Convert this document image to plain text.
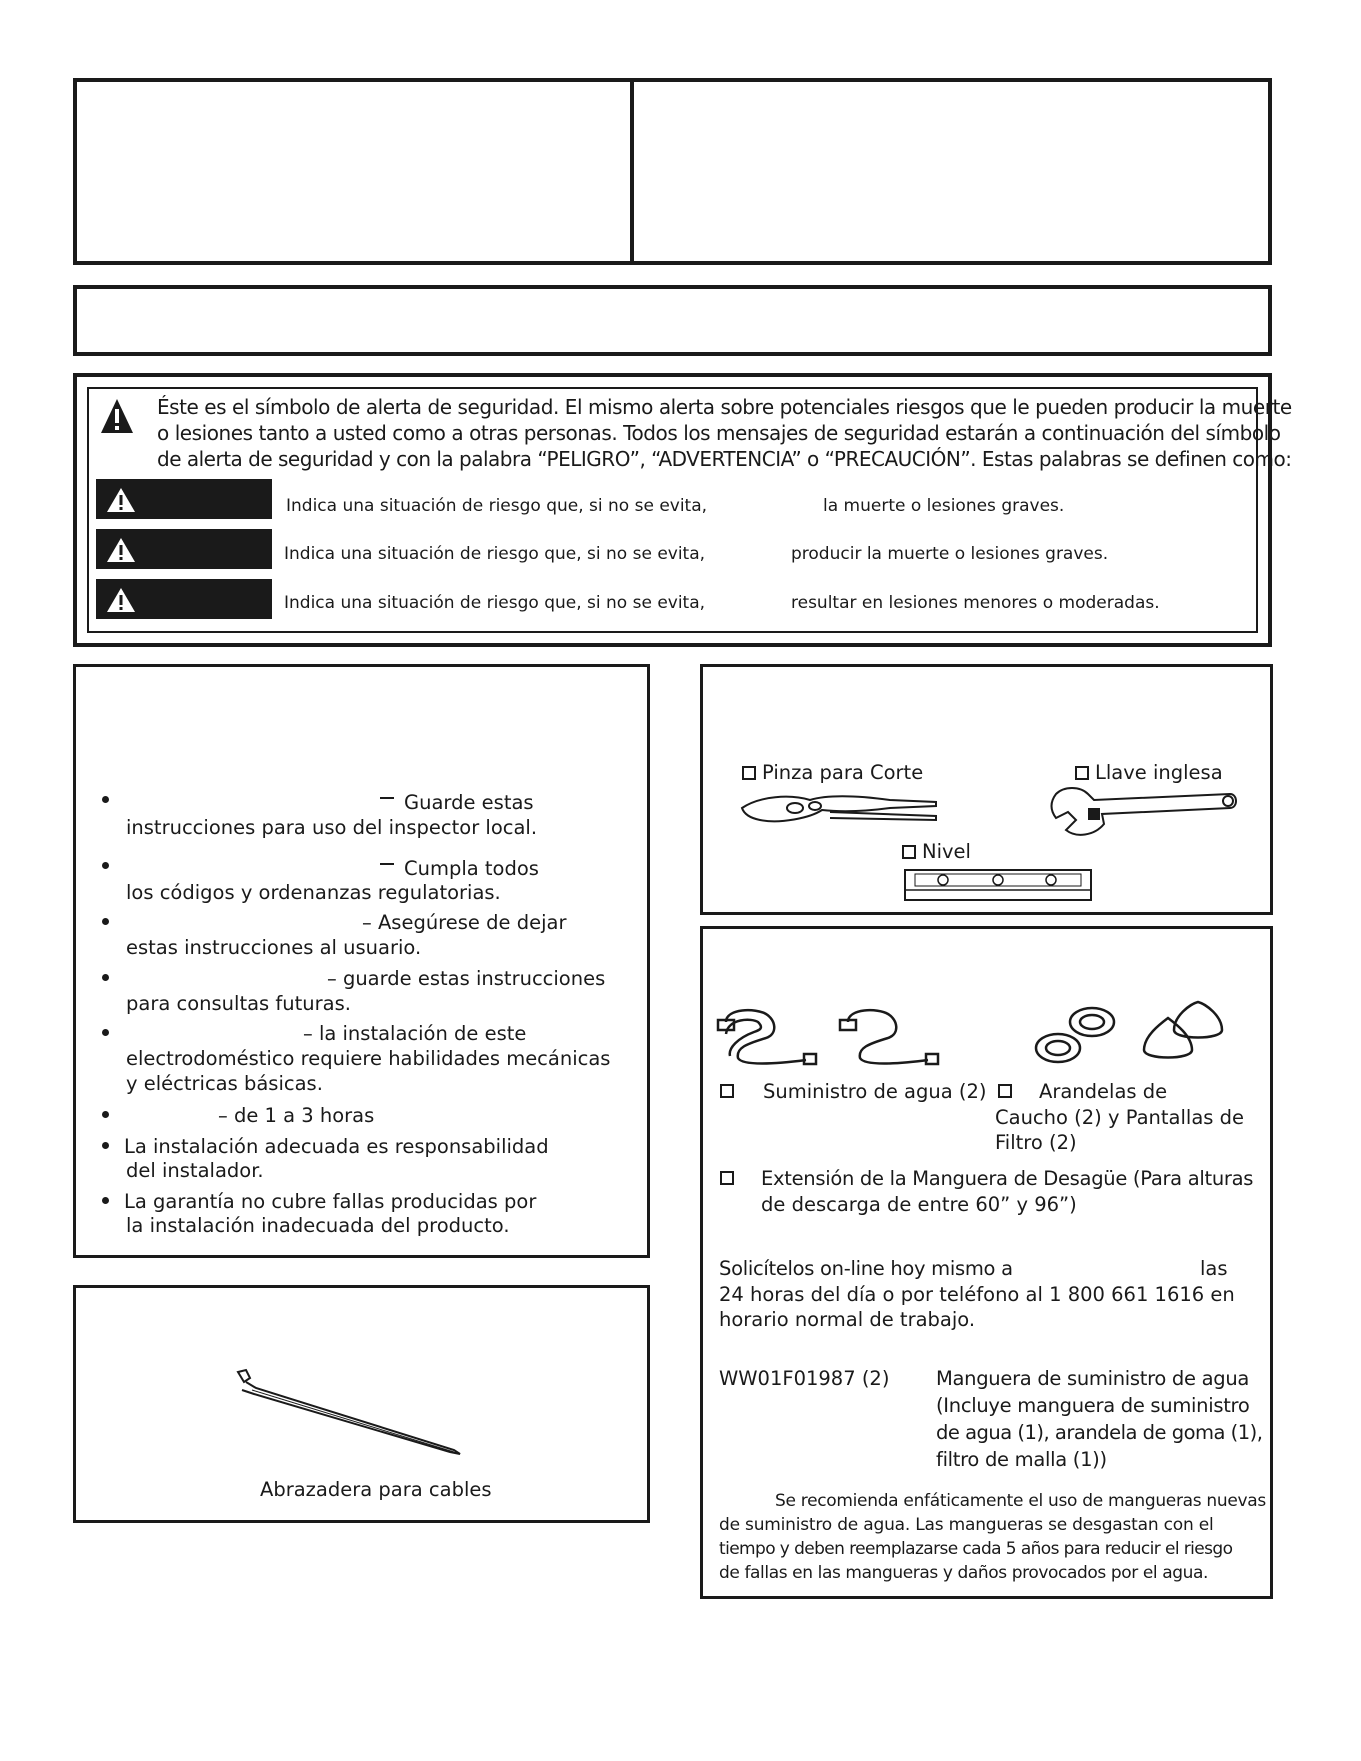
Éste es el símbolo de alerta de seguridad. El mismo alerta sobre potenciales riesgos que le pueden producir la muerte
o lesiones tanto a usted como a otras personas. Todos los mensajes de seguridad estarán a continuación del símbolo
de alerta de seguridad y con la palabra “PELIGRO”, “ADVERTENCIA” o “PRECAUCIÓN”. Estas palabras se definen como:
Indica una situación de riesgo que, si no se evita,	la muerte o lesiones graves.
Indica una situación de riesgo que, si no se evita,	producir la muerte o lesiones graves.
Indica una situación de riesgo que, si no se evita,	resultar en lesiones menores o moderadas.
Guarde estas
instrucciones para uso del inspector local.
Cumpla todos
los códigos y ordenanzas regulatorias.
– Asegúrese de dejar
estas instrucciones al usuario.
– guarde estas instrucciones
para consultas futuras.
– la instalación de este
electrodoméstico requiere habilidades mecánicas
y eléctricas básicas.
– de 1 a 3 horas
La instalación adecuada es responsabilidad
del instalador.
La garantía no cubre fallas producidas por
la instalación inadecuada del producto.
Abrazadera para cables
Pinza para Corte	Llave inglesa
Nivel
Suministro de agua (2)	Arandelas de
Caucho (2) y Pantallas de
Filtro (2)
Extensión de la Manguera de Desagüe (Para alturas
de descarga de entre 60” y 96”)
Solicítelos on-line hoy mismo a	las
24 horas del día o por teléfono al 1 800 661 1616 en
horario normal de trabajo.
WW01F01987 (2) Manguera de suministro de agua
(Incluye manguera de suministro
de agua (1), arandela de goma (1),
filtro de malla (1))
Se recomienda enfáticamente el uso de mangueras nuevas
de suministro de agua. Las mangueras se desgastan con el
tiempo y deben reemplazarse cada 5 años para reducir el riesgo
de fallas en las mangueras y daños provocados por el agua.
